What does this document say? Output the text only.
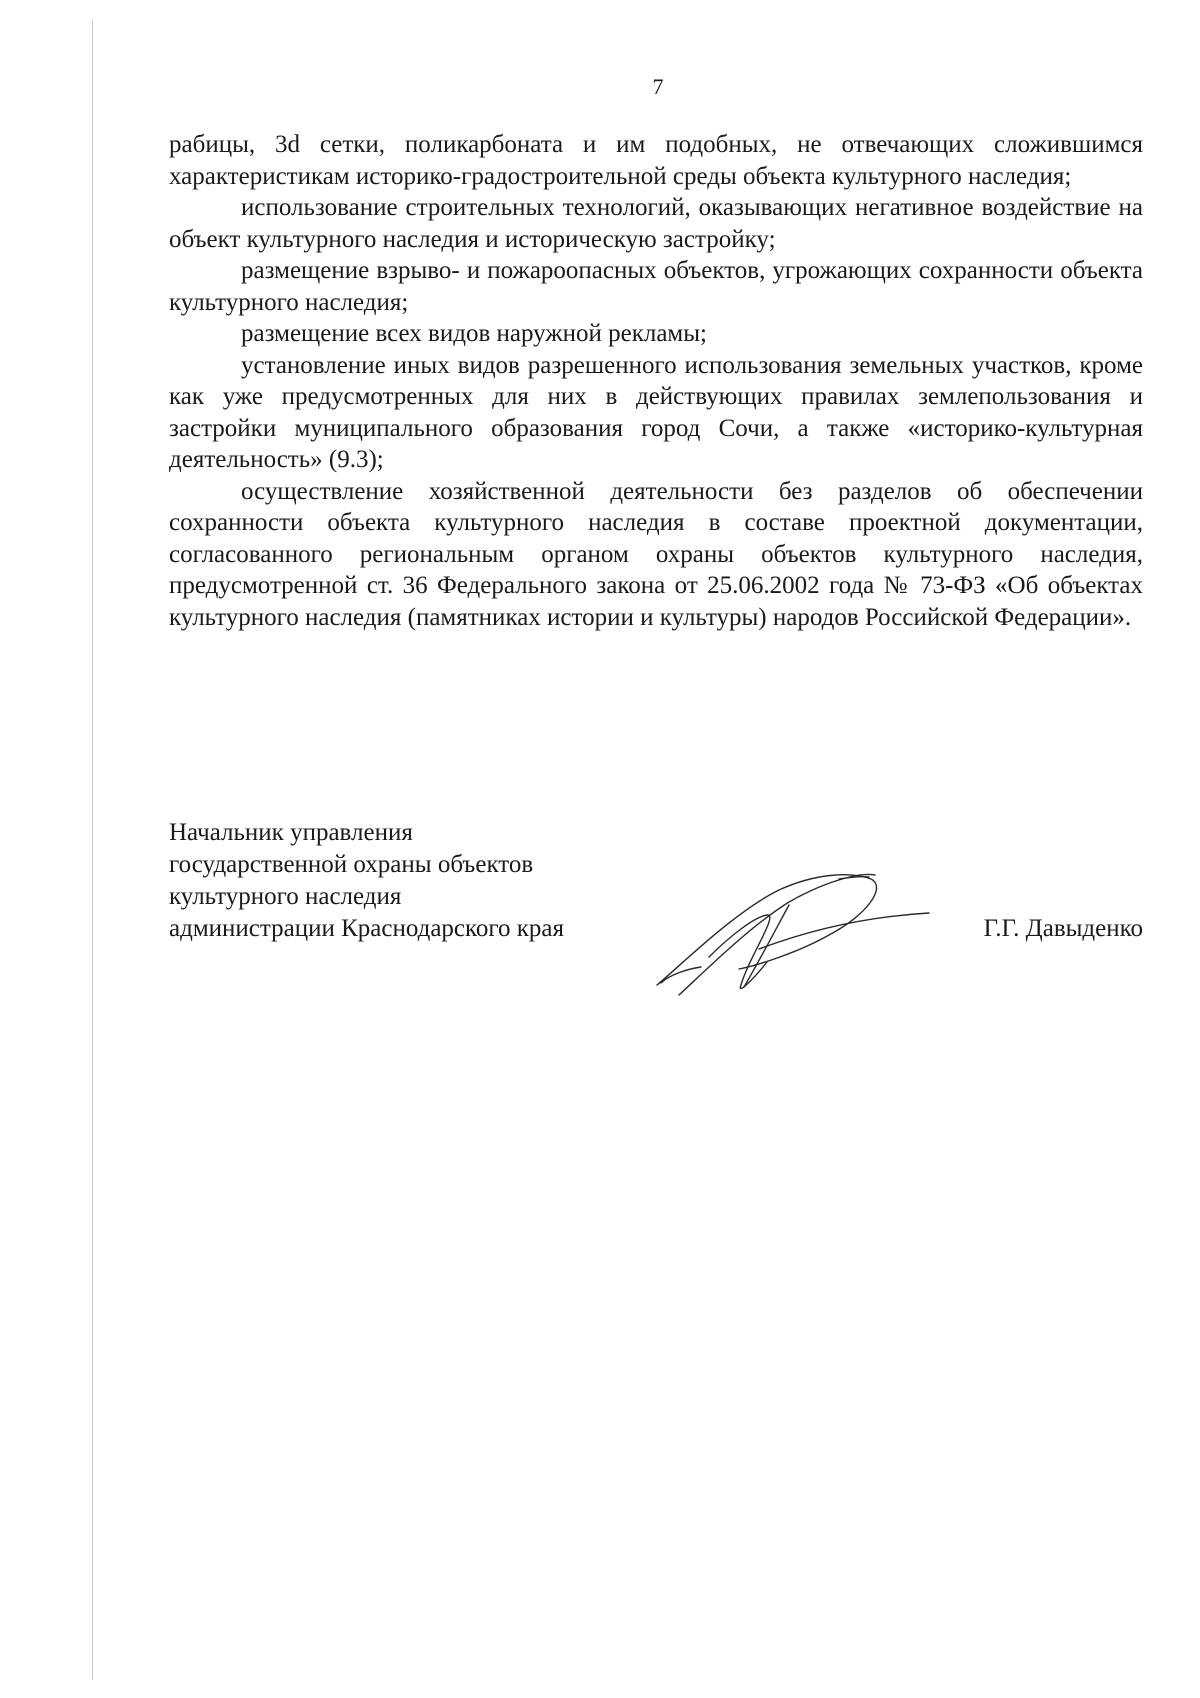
7

рабицы, 3d сетки, поликарбоната и им подобных, не отвечающих сложившимся характеристикам историко-градостроительной среды объекта культурного наследия;

использование строительных технологий, оказывающих негативное воздействие на объект культурного наследия и историческую застройку;

размещение взрыво- и пожароопасных объектов, угрожающих сохранности объекта культурного наследия;

размещение всех видов наружной рекламы;

установление иных видов разрешенного использования земельных участков, кроме как уже предусмотренных для них в действующих правилах землепользования и застройки муниципального образования город Сочи, а также «историко-культурная деятельность» (9.3);

осуществление хозяйственной деятельности без разделов об обеспечении сохранности объекта культурного наследия в составе проектной документации, согласованного региональным органом охраны объектов культурного наследия, предусмотренной ст. 36 Федерального закона от 25.06.2002 года № 73-ФЗ «Об объектах культурного наследия (памятниках истории и культуры) народов Российской Федерации».

Начальник управления
государственной охраны объектов
культурного наследия
администрации Краснодарского края	Г.Г. Давыденко
